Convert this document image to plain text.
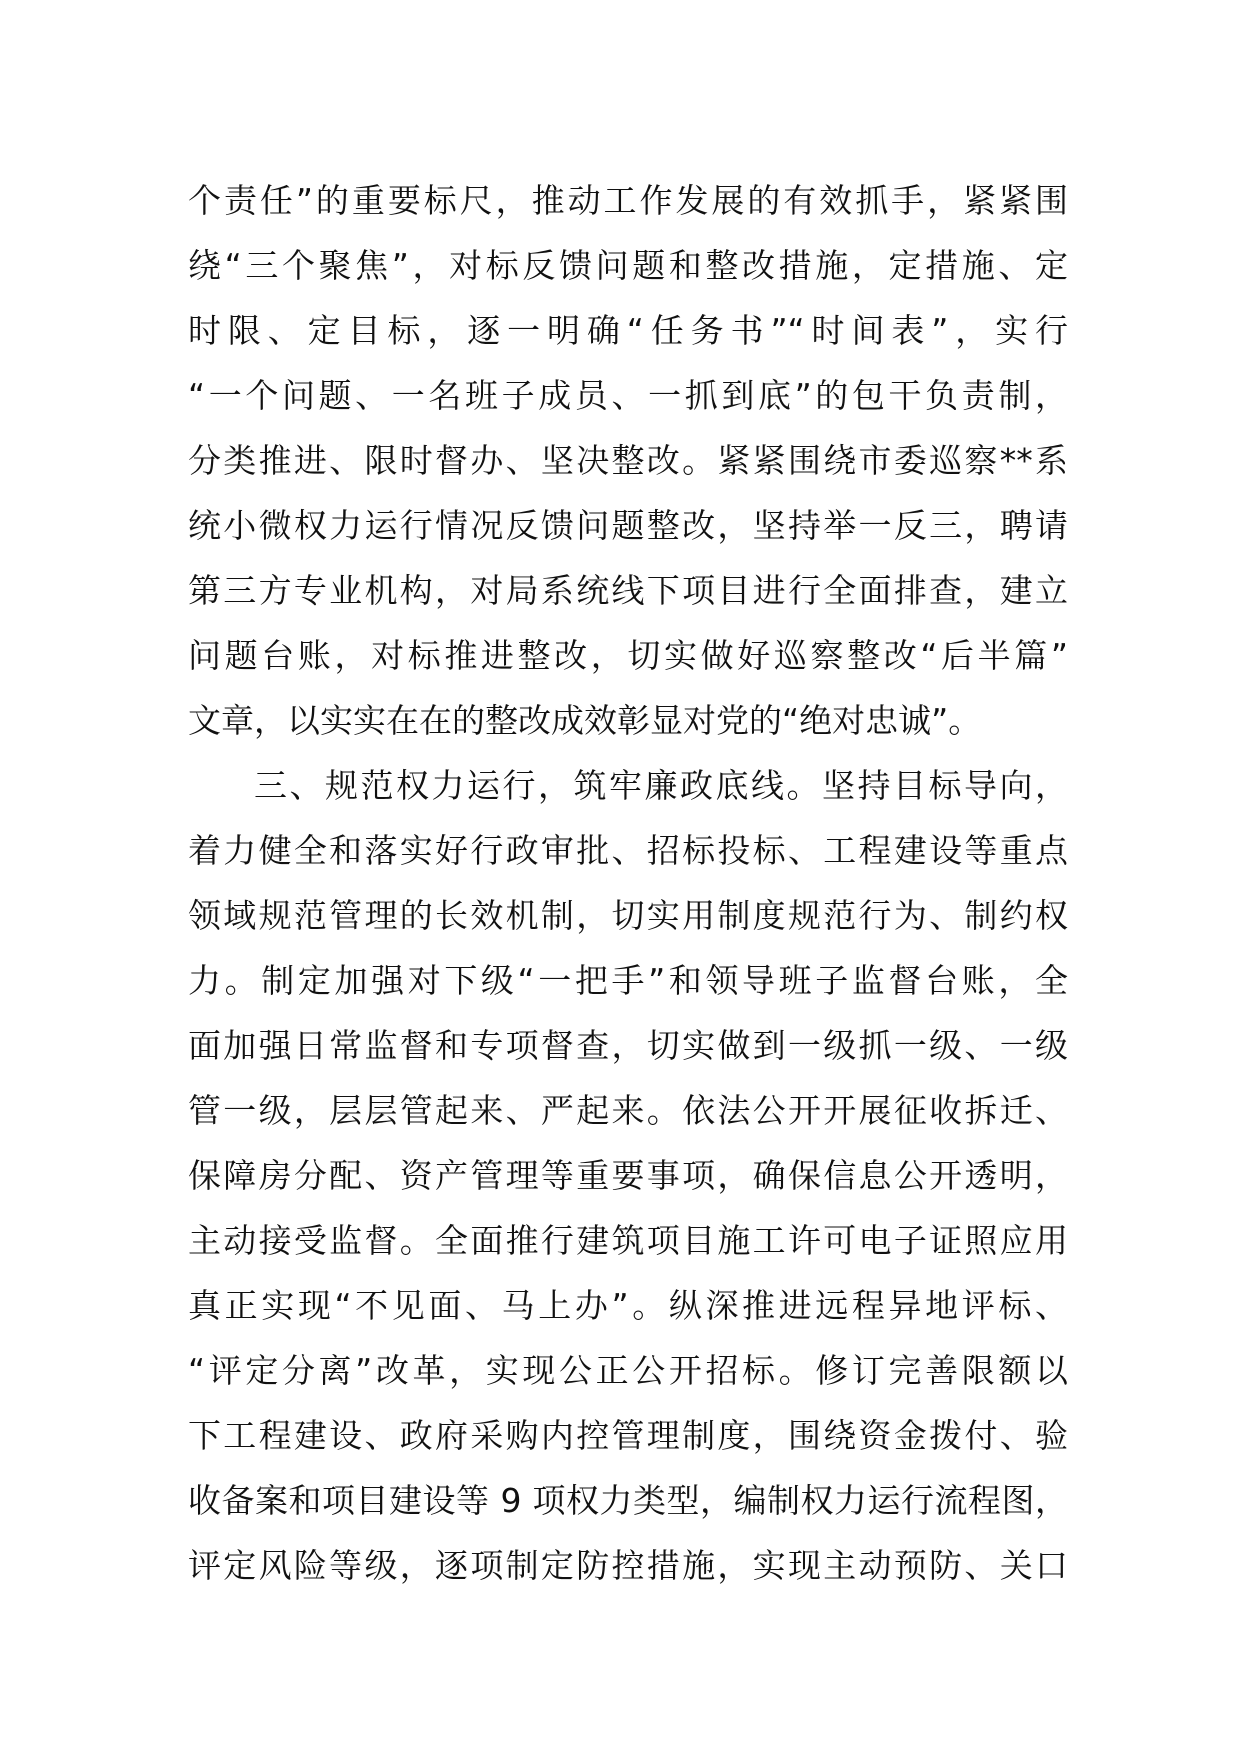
个责任”的重要标尺，推动工作发展的有效抓手，紧紧围
绕“三个聚焦”，对标反馈问题和整改措施，定措施、定
时限、定目标，逐一明确“任务书”“时间表”，实行
“一个问题、一名班子成员、一抓到底”的包干负责制，
分类推进、限时督办、坚决整改。紧紧围绕市委巡察**系
统小微权力运行情况反馈问题整改，坚持举一反三，聘请
第三方专业机构，对局系统线下项目进行全面排查，建立
问题台账，对标推进整改，切实做好巡察整改“后半篇”
文章，以实实在在的整改成效彰显对党的“绝对忠诚”。
三、规范权力运行，筑牢廉政底线。坚持目标导向，
着力健全和落实好行政审批、招标投标、工程建设等重点
领域规范管理的长效机制，切实用制度规范行为、制约权
力。制定加强对下级“一把手”和领导班子监督台账，全
面加强日常监督和专项督查，切实做到一级抓一级、一级
管一级，层层管起来、严起来。依法公开开展征收拆迁、
保障房分配、资产管理等重要事项，确保信息公开透明，
主动接受监督。全面推行建筑项目施工许可电子证照应用
真正实现“不见面、马上办”。纵深推进远程异地评标、
“评定分离”改革，实现公正公开招标。修订完善限额以
下工程建设、政府采购内控管理制度，围绕资金拨付、验
收备案和项目建设等 9 项权力类型，编制权力运行流程图，
评定风险等级，逐项制定防控措施，实现主动预防、关口
